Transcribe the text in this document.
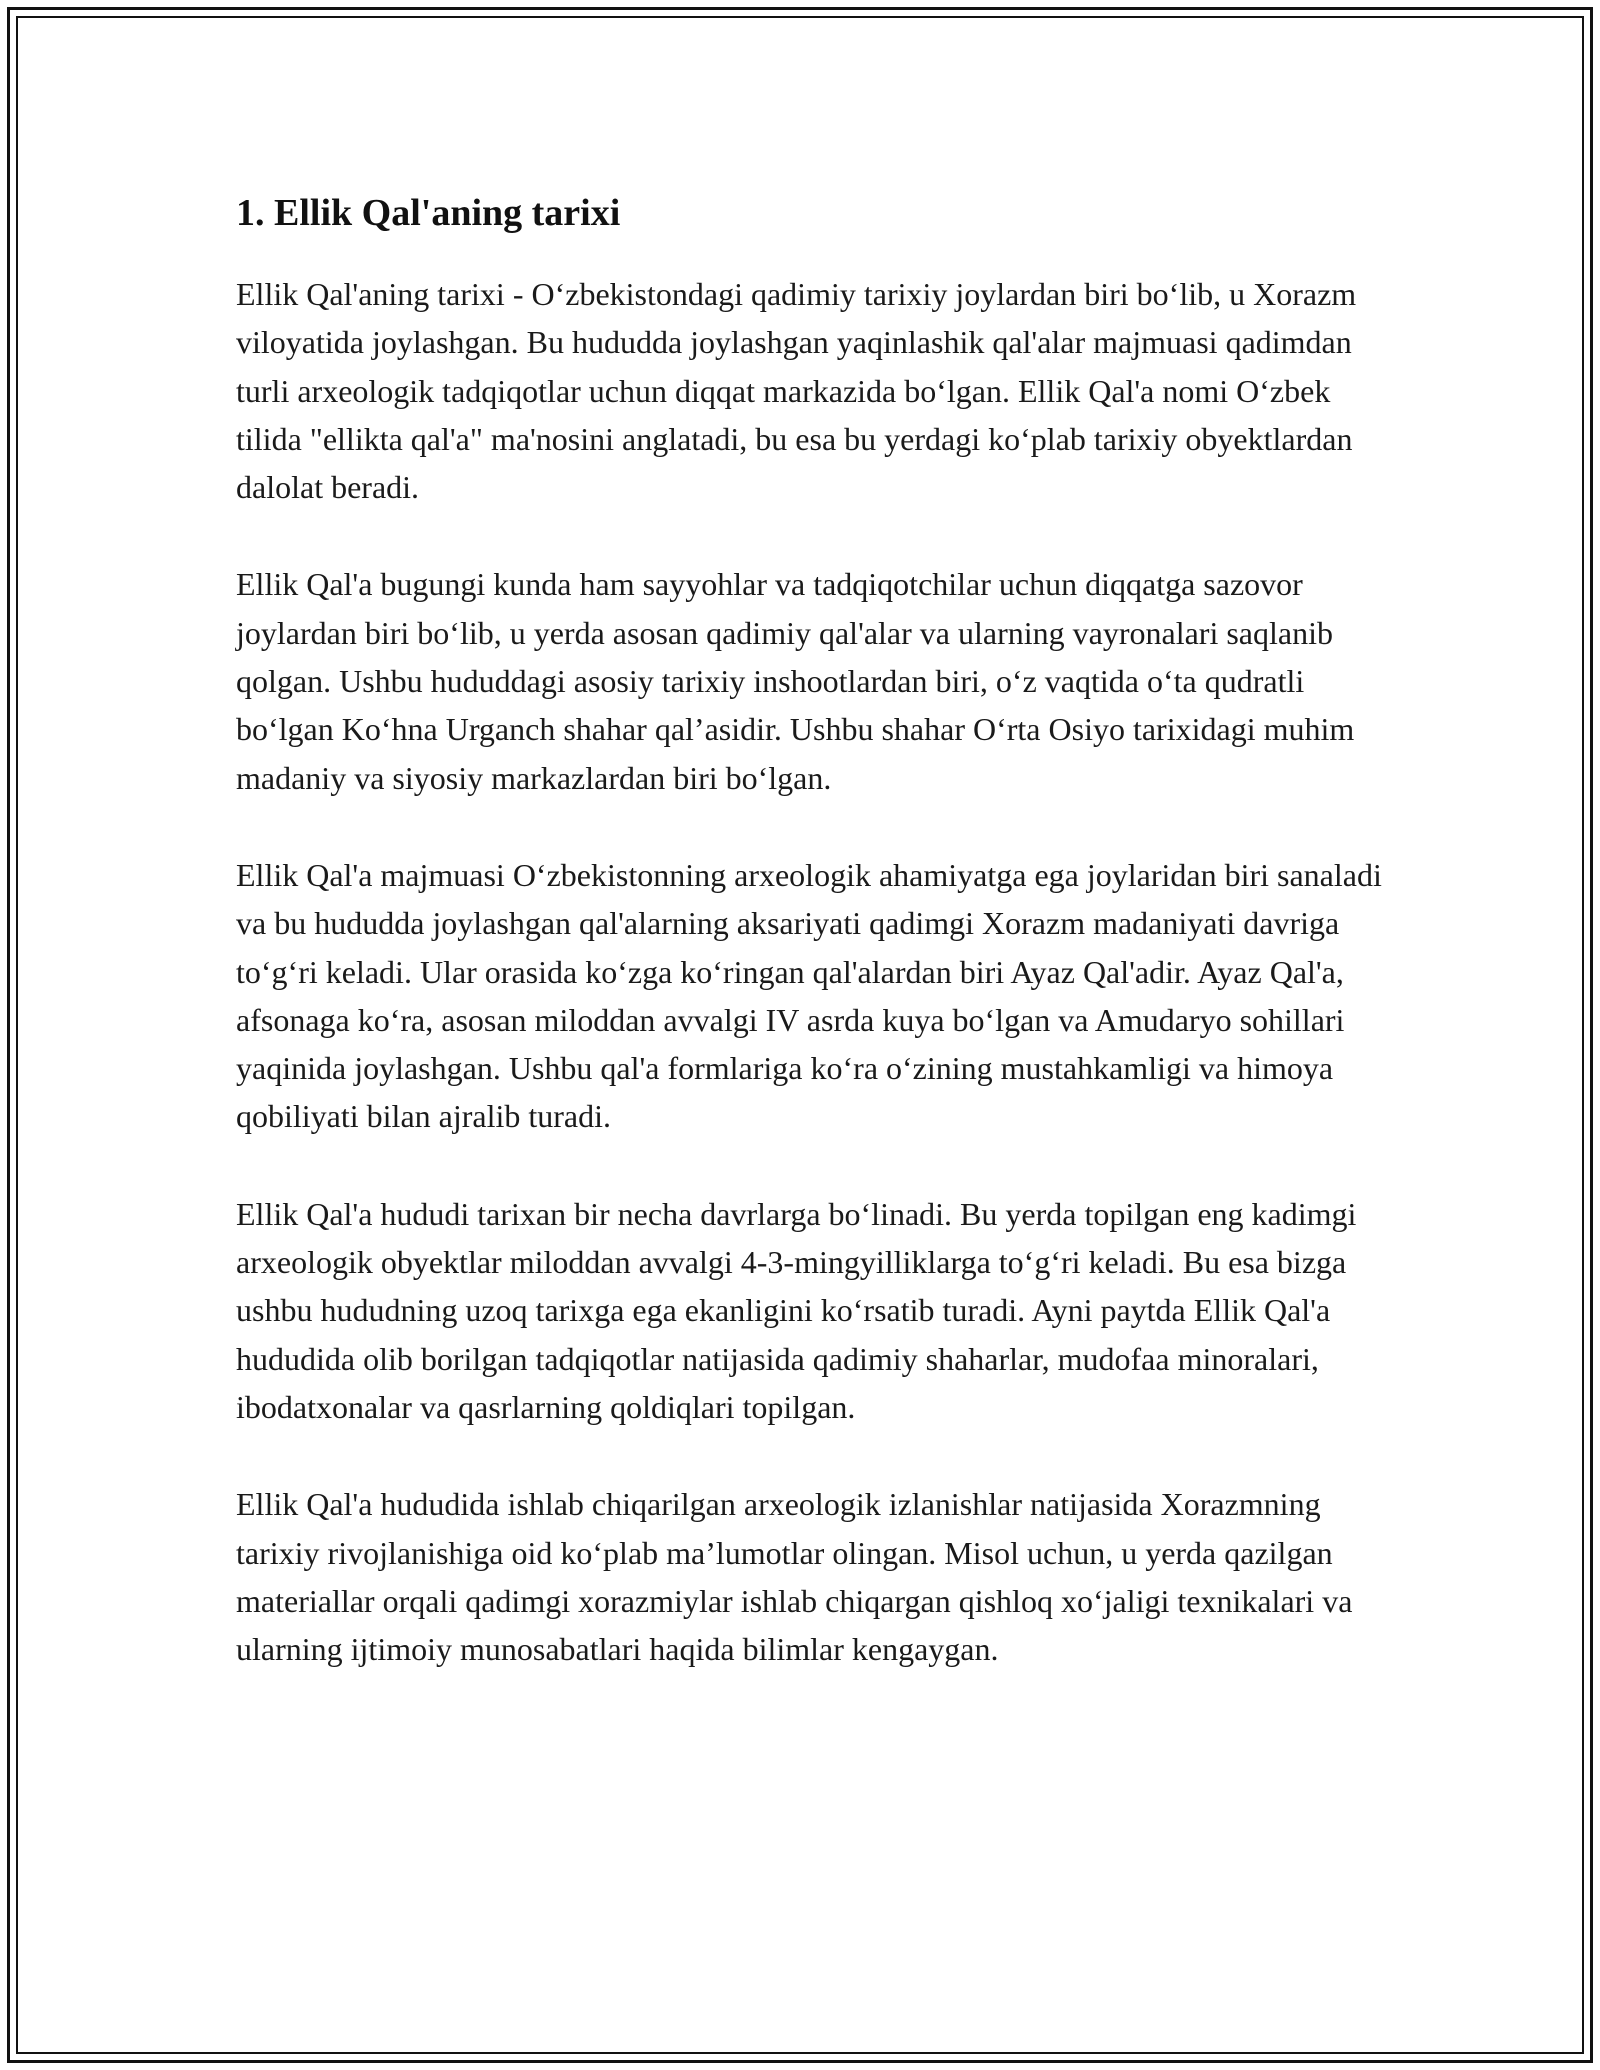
1. Ellik Qal'aning tarixi

Ellik Qal'aning tarixi - O‘zbekistondagi qadimiy tarixiy joylardan biri bo‘lib, u Xorazm viloyatida joylashgan. Bu hududda joylashgan yaqinlashik qal'alar majmuasi qadimdan turli arxeologik tadqiqotlar uchun diqqat markazida bo‘lgan. Ellik Qal'a nomi O‘zbek tilida "ellikta qal'a" ma'nosini anglatadi, bu esa bu yerdagi ko‘plab tarixiy obyektlardan dalolat beradi.

Ellik Qal'a bugungi kunda ham sayyohlar va tadqiqotchilar uchun diqqatga sazovor joylardan biri bo‘lib, u yerda asosan qadimiy qal'alar va ularning vayronalari saqlanib qolgan. Ushbu hududdagi asosiy tarixiy inshootlardan biri, o‘z vaqtida o‘ta qudratli bo‘lgan Ko‘hna Urganch shahar qal’asidir. Ushbu shahar O‘rta Osiyo tarixidagi muhim madaniy va siyosiy markazlardan biri bo‘lgan.

Ellik Qal'a majmuasi O‘zbekistonning arxeologik ahamiyatga ega joylaridan biri sanaladi va bu hududda joylashgan qal'alarning aksariyati qadimgi Xorazm madaniyati davriga to‘g‘ri keladi. Ular orasida ko‘zga ko‘ringan qal'alardan biri Ayaz Qal'adir. Ayaz Qal'a, afsonaga ko‘ra, asosan miloddan avvalgi IV asrda kuya bo‘lgan va Amudaryo sohillari yaqinida joylashgan. Ushbu qal'a formlariga ko‘ra o‘zining mustahkamligi va himoya qobiliyati bilan ajralib turadi.

Ellik Qal'a hududi tarixan bir necha davrlarga bo‘linadi. Bu yerda topilgan eng kadimgi arxeologik obyektlar miloddan avvalgi 4-3-mingyilliklarga to‘g‘ri keladi. Bu esa bizga ushbu hududning uzoq tarixga ega ekanligini ko‘rsatib turadi. Ayni paytda Ellik Qal'a hududida olib borilgan tadqiqotlar natijasida qadimiy shaharlar, mudofaa minoralari, ibodatxonalar va qasrlarning qoldiqlari topilgan.

Ellik Qal'a hududida ishlab chiqarilgan arxeologik izlanishlar natijasida Xorazmning tarixiy rivojlanishiga oid ko‘plab ma’lumotlar olingan. Misol uchun, u yerda qazilgan materiallar orqali qadimgi xorazmiylar ishlab chiqargan qishloq xo‘jaligi texnikalari va ularning ijtimoiy munosabatlari haqida bilimlar kengaygan.
